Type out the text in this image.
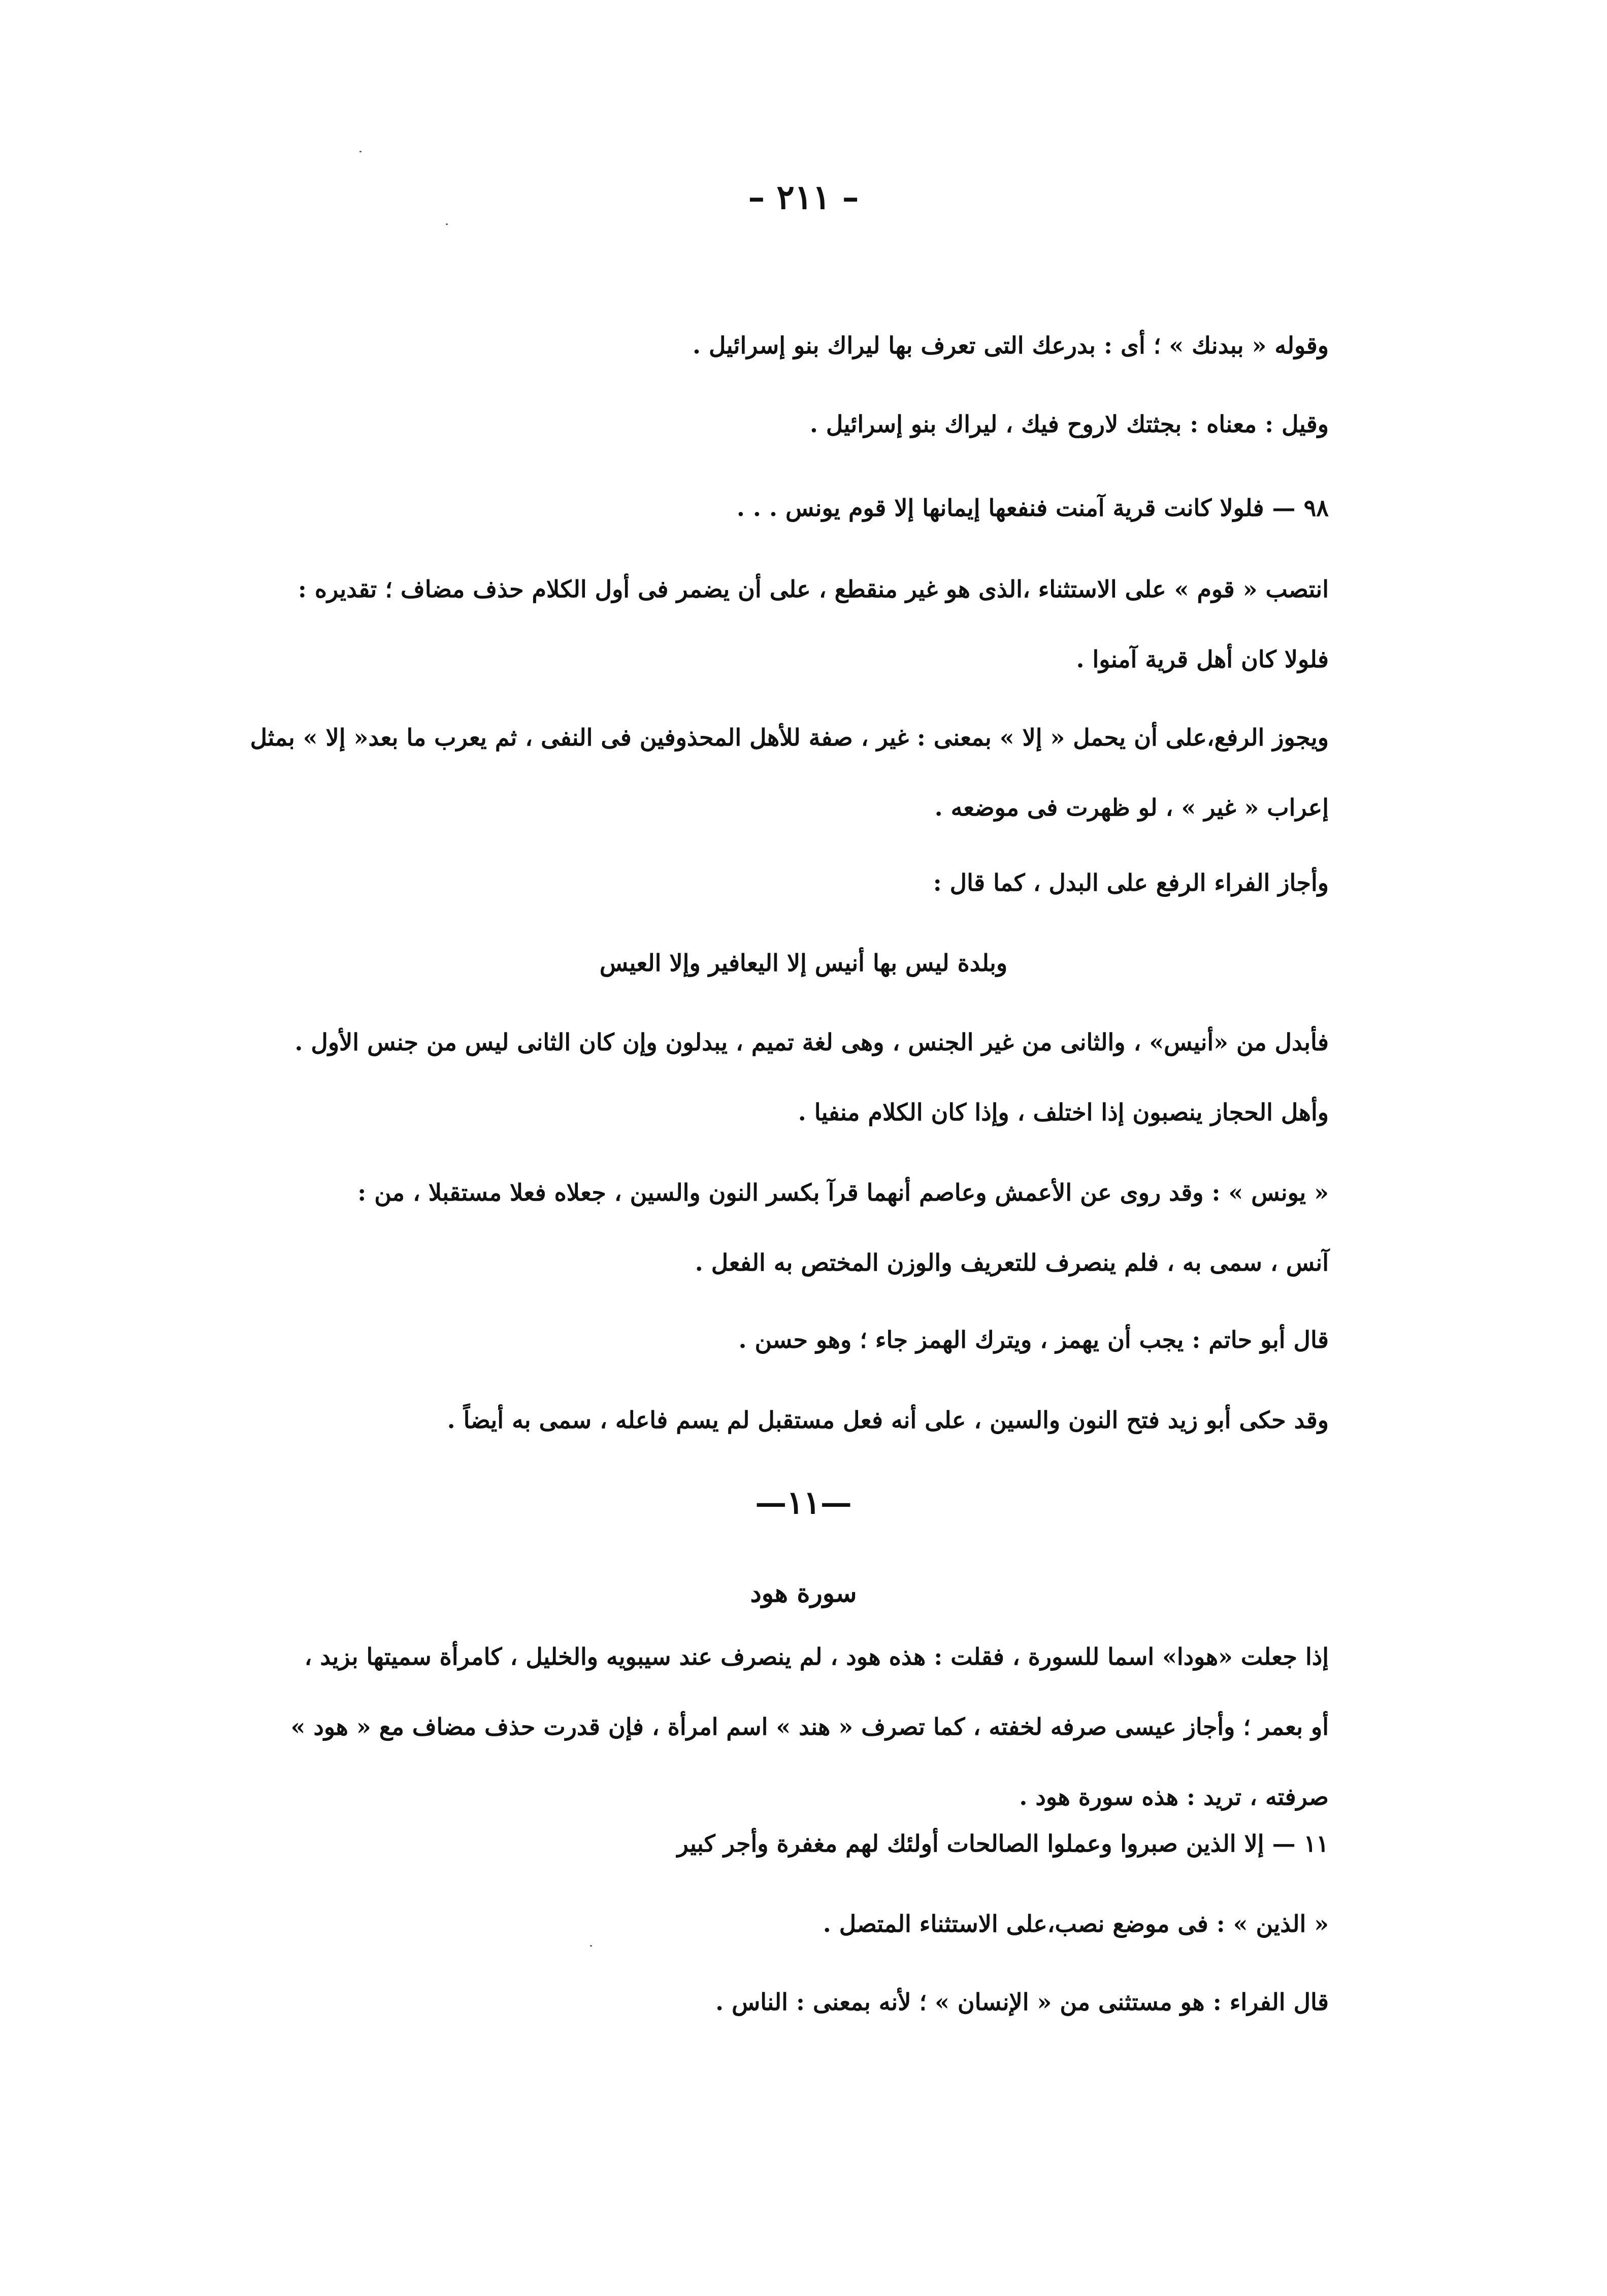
– ٢١١ –
وقوله « ببدنك » ؛ أى : بدرعك التى تعرف بها ليراك بنو إسرائيل .
وقيل : معناه : بجثتك لاروح فيك ، ليراك بنو إسرائيل .
٩٨ — فلولا كانت قرية آمنت فنفعها إيمانها إلا قوم يونس . . .
انتصب « قوم » على الاستثناء ،الذى هو غير منقطع ، على أن يضمر فى أول الكلام حذف مضاف ؛ تقديره :
فلولا كان أهل قرية آمنوا .
ويجوز الرفع،على أن يحمل « إلا » بمعنى : غير ، صفة للأهل المحذوفين فى النفى ، ثم يعرب ما بعد« إلا » بمثل
إعراب « غير » ، لو ظهرت فى موضعه .
وأجاز الفراء الرفع على البدل ، كما قال :
وبلدة ليس بها أنيس إلا اليعافير وإلا العيس
فأبدل من «أنيس» ، والثانى من غير الجنس ، وهى لغة تميم ، يبدلون وإن كان الثانى ليس من جنس الأول .
وأهل الحجاز ينصبون إذا اختلف ، وإذا كان الكلام منفيا .
« يونس » : وقد روى عن الأعمش وعاصم أنهما قرآ بكسر النون والسين ، جعلاه فعلا مستقبلا ، من :
آنس ، سمى به ، فلم ينصرف للتعريف والوزن المختص به الفعل .
قال أبو حاتم : يجب أن يهمز ، ويترك الهمز جاء ؛ وهو حسن .
وقد حكى أبو زيد فتح النون والسين ، على أنه فعل مستقبل لم يسم فاعله ، سمى به أيضاً .
—١١—
سورة هود
إذا جعلت «هودا» اسما للسورة ، فقلت : هذه هود ، لم ينصرف عند سيبويه والخليل ، كامرأة سميتها بزيد ،
أو بعمر ؛ وأجاز عيسى صرفه لخفته ، كما تصرف « هند » اسم امرأة ، فإن قدرت حذف مضاف مع « هود »
صرفته ، تريد : هذه سورة هود .
١١ — إلا الذين صبروا وعملوا الصالحات أولئك لهم مغفرة وأجر كبير
« الذين » : فى موضع نصب،على الاستثناء المتصل .
قال الفراء : هو مستثنى من « الإنسان » ؛ لأنه بمعنى : الناس .
